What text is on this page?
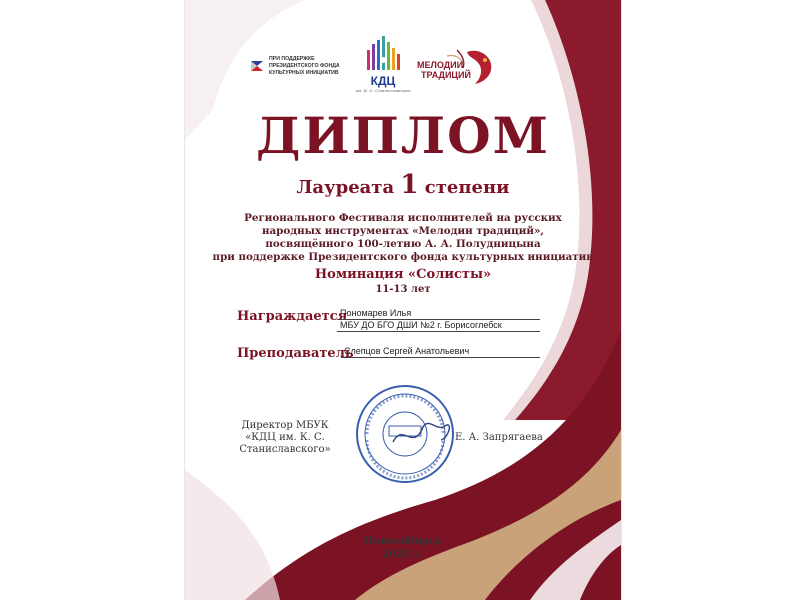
ПРИ ПОДДЕРЖКЕ
ПРЕЗИДЕНТСКОГО ФОНДА
КУЛЬТУРНЫХ ИНИЦИАТИВ
КДЦ
им. К. С. Станиславского
МЕЛОДИИ
ТРАДИЦИЙ
ДИПЛОМ
Лауреата 1 степени
Регионального Фестиваля исполнителей на русских
народных инструментах «Мелодии традиций»,
посвящённого 100-летию А. А. Полудницына
при поддержке Президентского фонда культурных инициатив
Номинация «Солисты»
11-13 лет
Награждается
Пономарев Илья
МБУ ДО БГО ДШИ №2 г. Борисоглебск
Преподаватель
Слепцов Сергей Анатольевич
Директор МБУК
«КДЦ им. К. С. Станиславского»
Е. А. Запрягаева
Новосибирск
2025 г.
